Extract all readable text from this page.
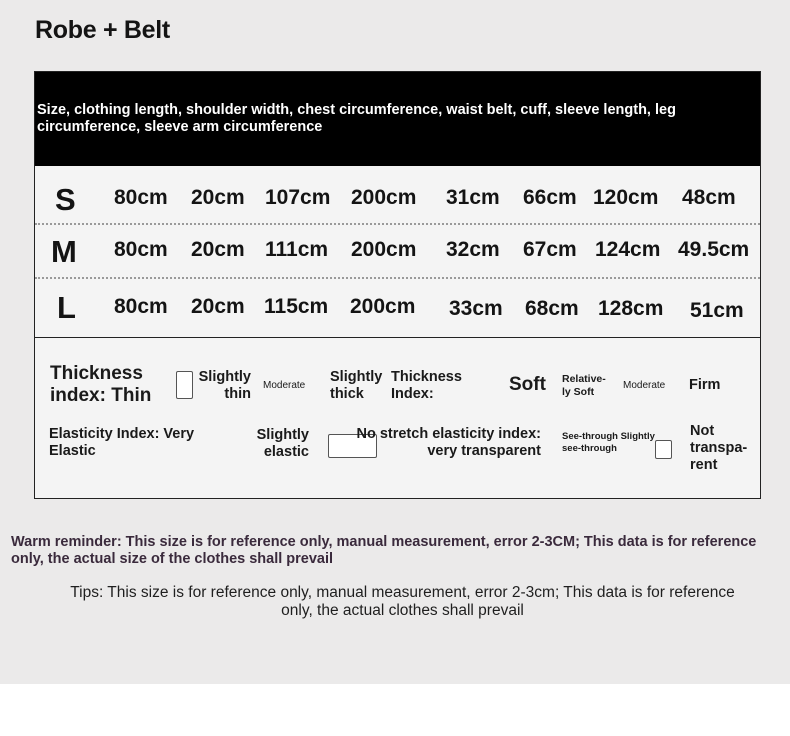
Robe + Belt
Size, clothing length, shoulder width, chest circumference, waist belt, cuff, sleeve length, leg circumference, sleeve arm circumference
S 80cm 20cm 107cm 200cm 31cm 66cm 120cm 48cm
M 80cm 20cm 111cm 200cm 32cm 67cm 124cm 49.5cm
L 80cm 20cm 115cm 200cm 33cm 68cm 128cm 51cm
Thickness index: Thin
Slightly thin
Moderate
Slightly thick
Thickness Index:	Soft Relative-ly Soft
Moderate Firm
Elasticity Index: Very Elastic
Slightly elastic
No stretch elasticity index: very transparent
See-through Slightly see-through
Not transpa-rent
Warm reminder: This size is for reference only, manual measurement, error 2-3CM; This data is for reference only, the actual size of the clothes shall prevail
Tips: This size is for reference only, manual measurement, error 2-3cm; This data is for reference only, the actual clothes shall prevail
